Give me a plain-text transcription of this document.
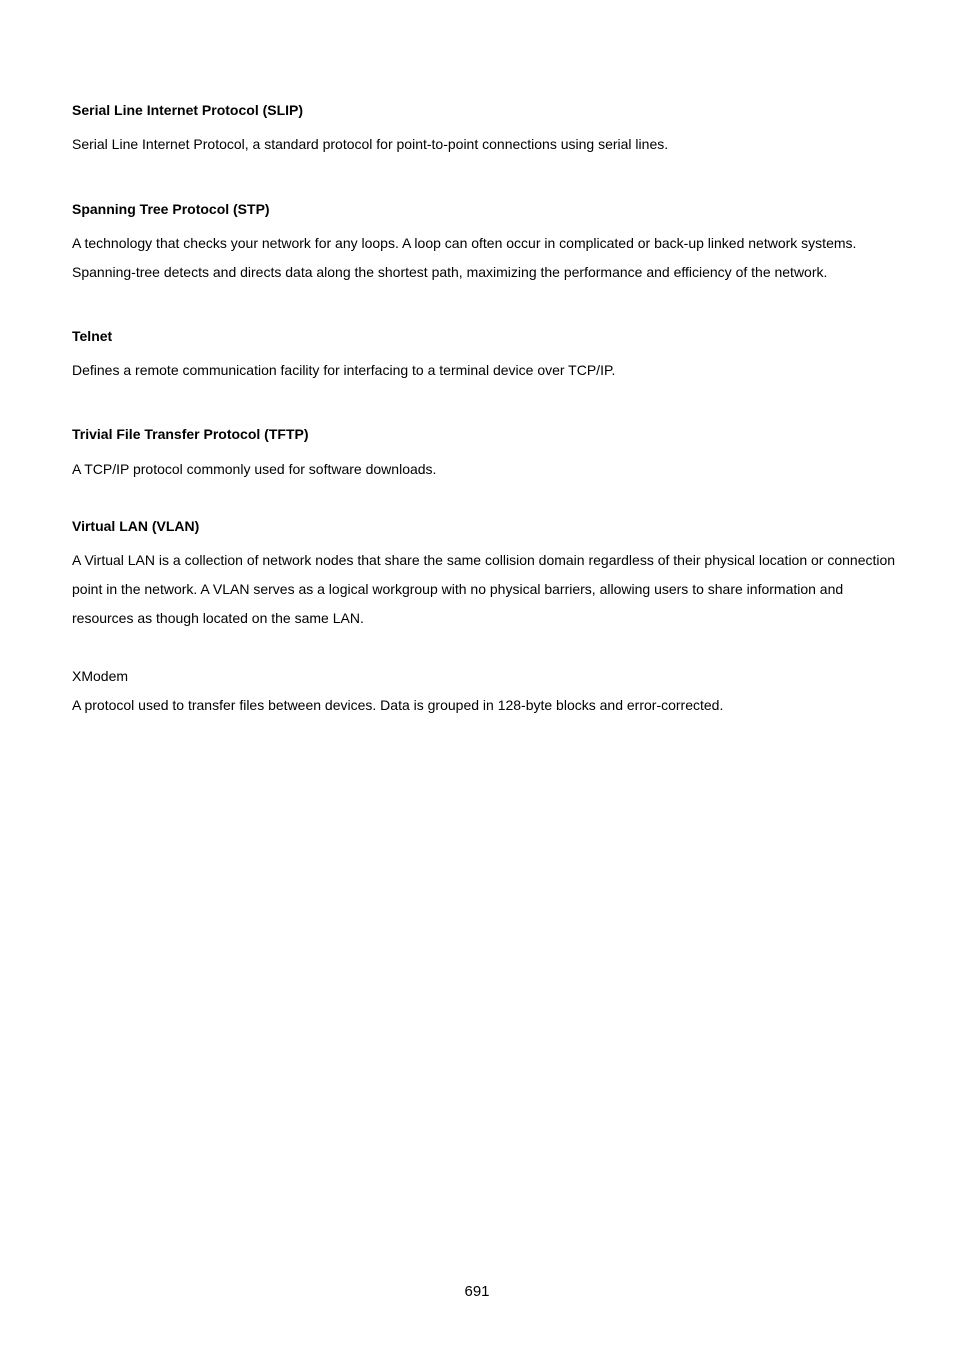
Serial Line Internet Protocol (SLIP)

Serial Line Internet Protocol, a standard protocol for point-to-point connections using serial lines.

Spanning Tree Protocol (STP)

A technology that checks your network for any loops. A loop can often occur in complicated or back-up linked network systems. Spanning-tree detects and directs data along the shortest path, maximizing the performance and efficiency of the network.

Telnet

Defines a remote communication facility for interfacing to a terminal device over TCP/IP.

Trivial File Transfer Protocol (TFTP)

A TCP/IP protocol commonly used for software downloads.

Virtual LAN (VLAN)

A Virtual LAN is a collection of network nodes that share the same collision domain regardless of their physical location or connection point in the network. A VLAN serves as a logical workgroup with no physical barriers, allowing users to share information and resources as though located on the same LAN.

XModem

A protocol used to transfer files between devices. Data is grouped in 128-byte blocks and error-corrected.

691
